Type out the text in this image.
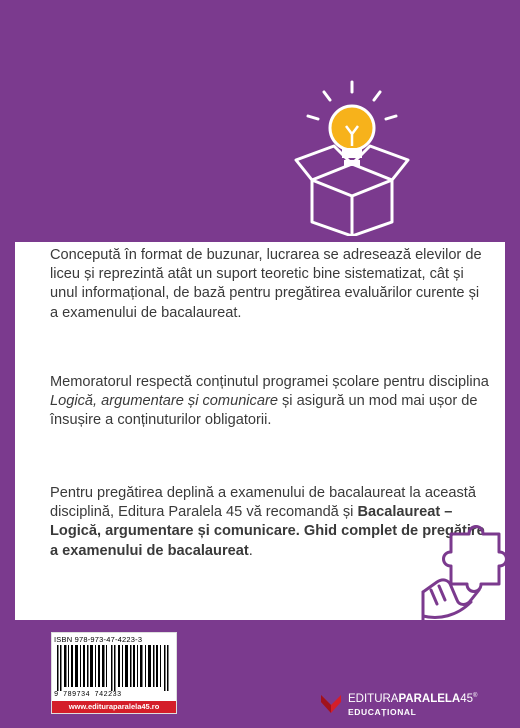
Concepută în format de buzunar, lucrarea se adresează elevilor de liceu și reprezintă atât un suport teoretic bine sistematizat, cât și unul informațional, de bază pentru pregătirea evaluărilor curente și a examenului de bacalaureat.

Memoratorul respectă conținutul programei școlare pentru disciplina Logică, argumentare și comunicare și asigură un mod mai ușor de însușire a conținuturilor obligatorii.

Pentru pregătirea deplină a examenului de bacalaureat la această disciplină, Editura Paralela 45 vă recomandă și Bacalaureat – Logică, argumentare și comunicare. Ghid complet de pregătire a examenului de bacalaureat.

ISBN 978-973-47-4223-3
9 789734 742233
www.edituraparalela45.ro
EDITURAPARALELA45®
EDUCAȚIONAL
